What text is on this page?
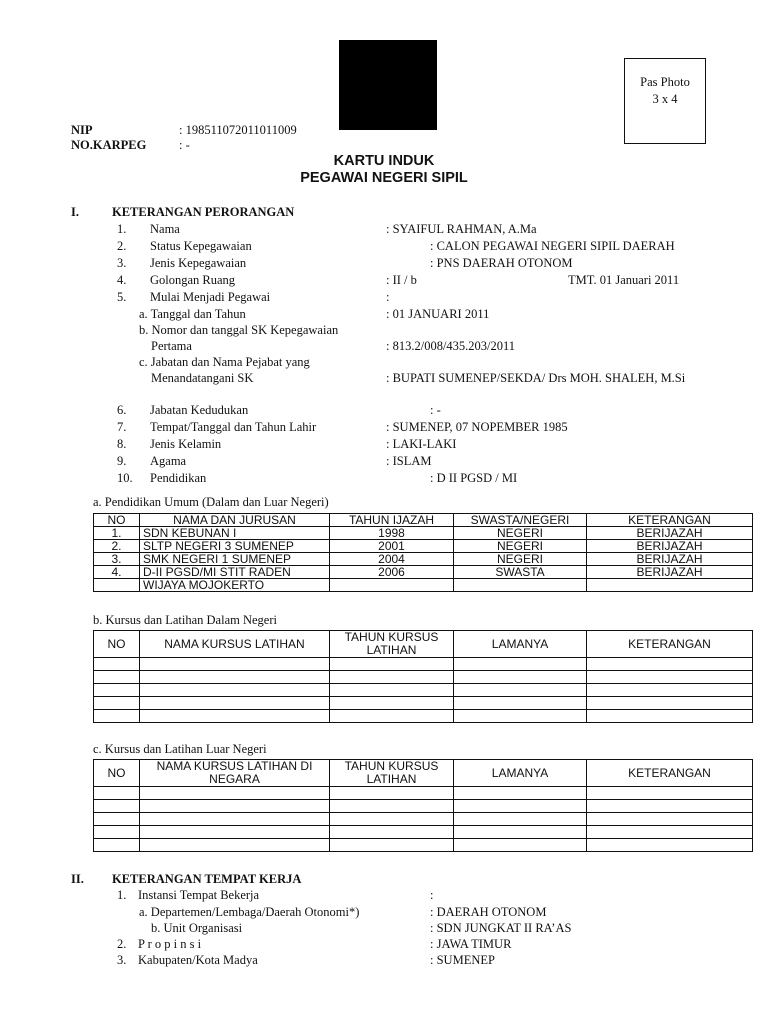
Pas Photo
3 x 4
NIP	: 198511072011011009
NO.KARPEG	: -
KARTU INDUK
PEGAWAI NEGERI SIPIL
I.	KETERANGAN PERORANGAN
1. Nama	: SYAIFUL RAHMAN, A.Ma
2. Status Kepegawaian	: CALON PEGAWAI NEGERI SIPIL DAERAH
3. Jenis Kepegawaian	: PNS DAERAH OTONOM
4. Golongan Ruang	: II / b	TMT. 01 Januari 2011
5. Mulai Menjadi Pegawai	:
a. Tanggal dan Tahun	: 01 JANUARI 2011
b. Nomor dan tanggal SK Kepegawaian
Pertama	: 813.2/008/435.203/2011
c. Jabatan dan Nama Pejabat yang
Menandatangani SK	: BUPATI SUMENEP/SEKDA/ Drs MOH. SHALEH, M.Si
6. Jabatan Kedudukan	: -
7. Tempat/Tanggal dan Tahun Lahir	: SUMENEP, 07 NOPEMBER 1985
8. Jenis Kelamin	: LAKI-LAKI
9. Agama	: ISLAM
10. Pendidikan	: D II PGSD / MI
a. Pendidikan Umum (Dalam dan Luar Negeri)
NO	NAMA DAN JURUSAN	TAHUN IJAZAH	SWASTA/NEGERI	KETERANGAN
1.	SDN KEBUNAN I	1998	NEGERI	BERIJAZAH
2.	SLTP NEGERI 3 SUMENEP	2001	NEGERI	BERIJAZAH
3.	SMK NEGERI 1 SUMENEP	2004	NEGERI	BERIJAZAH
4.	D-II PGSD/MI STIT RADEN	2006	SWASTA	BERIJAZAH
	WIJAYA MOJOKERTO			
b. Kursus dan Latihan Dalam Negeri
NO	NAMA KURSUS LATIHAN	TAHUN KURSUS LATIHAN	LAMANYA	KETERANGAN

c. Kursus dan Latihan Luar Negeri
NO	NAMA KURSUS LATIHAN DI NEGARA	TAHUN KURSUS LATIHAN	LAMANYA	KETERANGAN

II. KETERANGAN TEMPAT KERJA
1. Instansi Tempat Bekerja	:
a. Departemen/Lembaga/Daerah Otonomi*)	: DAERAH OTONOM
b. Unit Organisasi	: SDN JUNGKAT II RA’AS
2. P r o p i n s i	: JAWA TIMUR
3. Kabupaten/Kota Madya	: SUMENEP
